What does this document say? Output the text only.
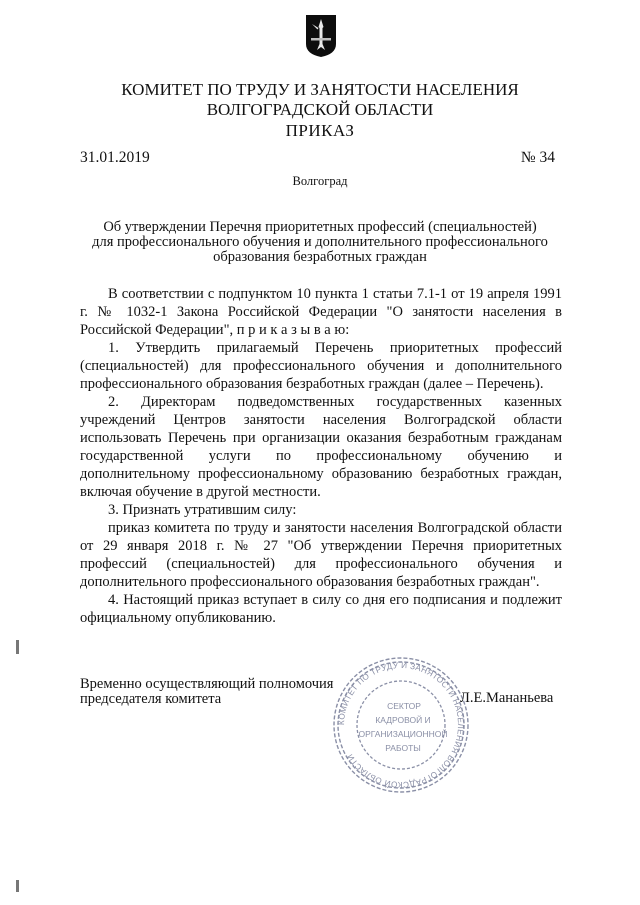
КОМИТЕТ ПО ТРУДУ И ЗАНЯТОСТИ НАСЕЛЕНИЯ
ВОЛГОГРАДСКОЙ ОБЛАСТИ
ПРИКАЗ
31.01.2019	№ 34
Волгоград
Об утверждении Перечня приоритетных профессий (специальностей)
для профессионального обучения и дополнительного профессионального
образования безработных граждан

В соответствии с подпунктом 10 пункта 1 статьи 7.1-1 от 19 апреля 1991 г. № 1032-1 Закона Российской Федерации "О занятости населения в Российской Федерации", п р и к а з ы в а ю:

1. Утвердить прилагаемый Перечень приоритетных профессий (специальностей) для профессионального обучения и дополнительного профессионального образования безработных граждан (далее – Перечень).

2. Директорам подведомственных государственных казенных учреждений Центров занятости населения Волгоградской области использовать Перечень при организации оказания безработным гражданам государственной услуги по профессиональному обучению и дополнительному профессиональному образованию безработных граждан, включая обучение в другой местности.

3. Признать утратившим силу:

приказ комитета по труду и занятости населения Волгоградской области от 29 января 2018 г. № 27 "Об утверждении Перечня приоритетных профессий (специальностей) для профессионального обучения и дополнительного профессионального образования безработных граждан".

4. Настоящий приказ вступает в силу со дня его подписания и подлежит официальному опубликованию.

Временно осуществляющий полномочия
председателя комитета
КОМИТЕТ ПО ТРУДУ И ЗАНЯТОСТИ НАСЕЛЕНИЯ ВОЛГОГРАДСКОЙ ОБЛАСТИ
СЕКТОР
КАДРОВОЙ И
ОРГАНИЗАЦИОННОЙ
РАБОТЫ
Л.Е.Мананьева
